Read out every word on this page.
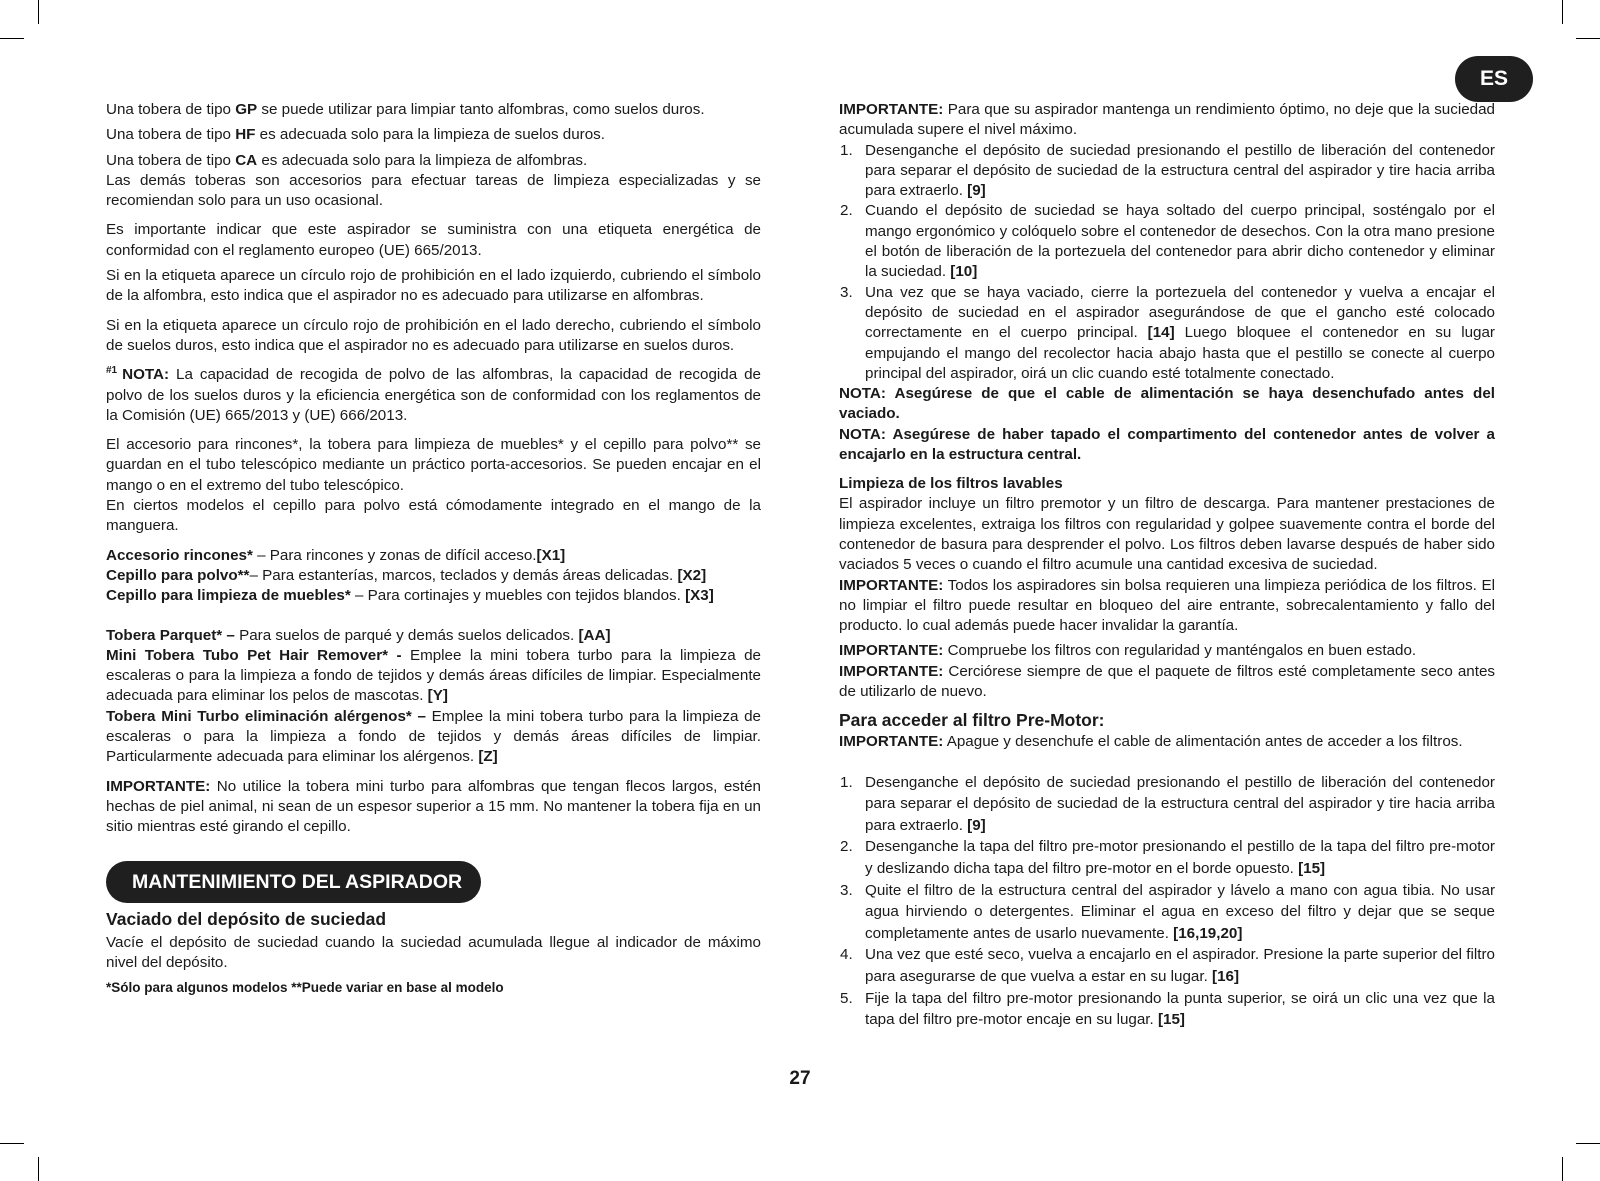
ES

Una tobera de tipo GP se puede utilizar para limpiar tanto alfombras, como suelos duros.

Una tobera de tipo HF es adecuada solo para la limpieza de suelos duros.

Una tobera de tipo CA es adecuada solo para la limpieza de alfombras.

Las demás toberas son accesorios para efectuar tareas de limpieza especializadas y se recomiendan solo para un uso ocasional.

Es importante indicar que este aspirador se suministra con una etiqueta energética de conformidad con el reglamento europeo (UE) 665/2013.

Si en la etiqueta aparece un círculo rojo de prohibición en el lado izquierdo, cubriendo el símbolo de la alfombra, esto indica que el aspirador no es adecuado para utilizarse en alfombras.

Si en la etiqueta aparece un círculo rojo de prohibición en el lado derecho, cubriendo el símbolo de suelos duros, esto indica que el aspirador no es adecuado para utilizarse en suelos duros.

$^{\#1}$ NOTA: La capacidad de recogida de polvo de las alfombras, la capacidad de recogida de polvo de los suelos duros y la eficiencia energética son de conformidad con los reglamentos de la Comisión (UE) 665/2013 y (UE) 666/2013.

El accesorio para rincones*, la tobera para limpieza de muebles* y el cepillo para polvo** se guardan en el tubo telescópico mediante un práctico porta-accesorios. Se pueden encajar en el mango o en el extremo del tubo telescópico.

En ciertos modelos el cepillo para polvo está cómodamente integrado en el mango de la manguera.

Accesorio rincones* – Para rincones y zonas de difícil acceso.[X1]
Cepillo para polvo**– Para estanterías, marcos, teclados y demás áreas delicadas. [X2]
Cepillo para limpieza de muebles* – Para cortinajes y muebles con tejidos blandos. [X3]

Tobera Parquet* – Para suelos de parqué y demás suelos delicados. [AA]
Mini Tobera Tubo Pet Hair Remover* - Emplee la mini tobera turbo para la limpieza de escaleras o para la limpieza a fondo de tejidos y demás áreas difíciles de limpiar. Especialmente adecuada para eliminar los pelos de mascotas. [Y]
Tobera Mini Turbo eliminación alérgenos* – Emplee la mini tobera turbo para la limpieza de escaleras o para la limpieza a fondo de tejidos y demás áreas difíciles de limpiar. Particularmente adecuada para eliminar los alérgenos. [Z]

IMPORTANTE: No utilice la tobera mini turbo para alfombras que tengan flecos largos, estén hechas de piel animal, ni sean de un espesor superior a 15 mm. No mantener la tobera fija en un sitio mientras esté girando el cepillo.

MANTENIMIENTO DEL ASPIRADOR
Vaciado del depósito de suciedad

Vacíe el depósito de suciedad cuando la suciedad acumulada llegue al indicador de máximo nivel del depósito.

*Sólo para algunos modelos **Puede variar en base al modelo
27

IMPORTANTE: Para que su aspirador mantenga un rendimiento óptimo, no deje que la suciedad acumulada supere el nivel máximo.

1. Desenganche el depósito de suciedad presionando el pestillo de liberación del contenedor para separar el depósito de suciedad de la estructura central del aspirador y tire hacia arriba para extraerlo. [9]
2. Cuando el depósito de suciedad se haya soltado del cuerpo principal, sosténgalo por el mango ergonómico y colóquelo sobre el contenedor de desechos. Con la otra mano presione el botón de liberación de la portezuela del contenedor para abrir dicho contenedor y eliminar la suciedad. [10]
3. Una vez que se haya vaciado, cierre la portezuela del contenedor y vuelva a encajar el depósito de suciedad en el aspirador asegurándose de que el gancho esté colocado correctamente en el cuerpo principal. [14] Luego bloquee el contenedor en su lugar empujando el mango del recolector hacia abajo hasta que el pestillo se conecte al cuerpo principal del aspirador, oirá un clic cuando esté totalmente conectado.

NOTA: Asegúrese de que el cable de alimentación se haya desenchufado antes del vaciado.

NOTA: Asegúrese de haber tapado el compartimento del contenedor antes de volver a encajarlo en la estructura central.

Limpieza de los filtros lavables

El aspirador incluye un filtro premotor y un filtro de descarga. Para mantener prestaciones de limpieza excelentes, extraiga los filtros con regularidad y golpee suavemente contra el borde del contenedor de basura para desprender el polvo. Los filtros deben lavarse después de haber sido vaciados 5 veces o cuando el filtro acumule una cantidad excesiva de suciedad.

IMPORTANTE: Todos los aspiradores sin bolsa requieren una limpieza periódica de los filtros. El no limpiar el filtro puede resultar en bloqueo del aire entrante, sobrecalentamiento y fallo del producto. lo cual además puede hacer invalidar la garantía.

IMPORTANTE: Compruebe los filtros con regularidad y manténgalos en buen estado.

IMPORTANTE: Cerciórese siempre de que el paquete de filtros esté completamente seco antes de utilizarlo de nuevo.

Para acceder al filtro Pre-Motor:

IMPORTANTE: Apague y desenchufe el cable de alimentación antes de acceder a los filtros.

1. Desenganche el depósito de suciedad presionando el pestillo de liberación del contenedor para separar el depósito de suciedad de la estructura central del aspirador y tire hacia arriba para extraerlo. [9]
2. Desenganche la tapa del filtro pre-motor presionando el pestillo de la tapa del filtro pre-motor y deslizando dicha tapa del filtro pre-motor en el borde opuesto. [15]
3. Quite el filtro de la estructura central del aspirador y lávelo a mano con agua tibia. No usar agua hirviendo o detergentes. Eliminar el agua en exceso del filtro y dejar que se seque completamente antes de usarlo nuevamente. [16,19,20]
4. Una vez que esté seco, vuelva a encajarlo en el aspirador. Presione la parte superior del filtro para asegurarse de que vuelva a estar en su lugar. [16]
5. Fije la tapa del filtro pre-motor presionando la punta superior, se oirá un clic una vez que la tapa del filtro pre-motor encaje en su lugar. [15]
